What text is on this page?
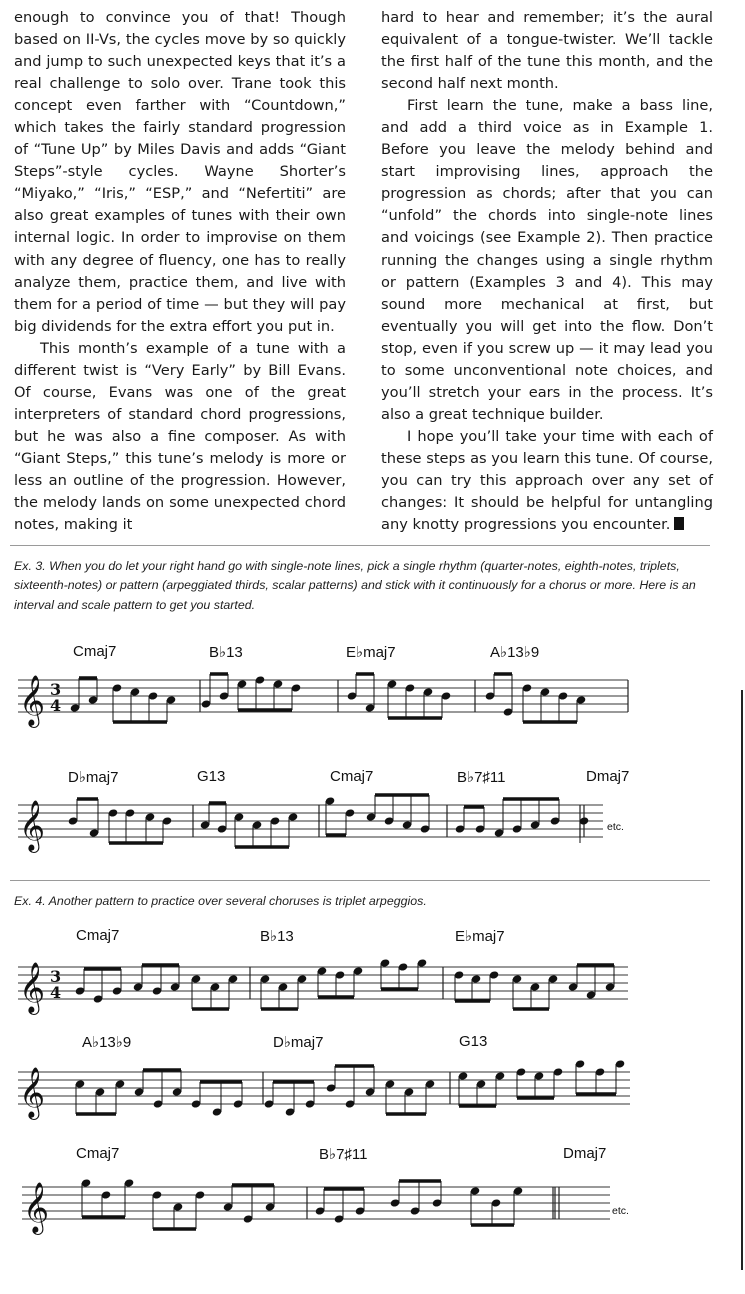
enough to convince you of that! Though based on II-Vs, the cycles move by so quickly and jump to such unexpected keys that it’s a real challenge to solo over. Trane took this concept even farther with “Countdown,” which takes the fairly standard progression of “Tune Up” by Miles Davis and adds “Giant Steps”-style cycles. Wayne Shorter’s “Miyako,” “Iris,” “ESP,” and “Nefertiti” are also great examples of tunes with their own internal logic. In order to improvise on them with any degree of fluency, one has to really analyze them, practice them, and live with them for a period of time — but they will pay big dividends for the extra effort you put in.

This month’s example of a tune with a different twist is “Very Early” by Bill Evans. Of course, Evans was one of the great interpreters of standard chord progressions, but he was also a fine composer. As with “Giant Steps,” this tune’s melody is more or less an outline of the progression. However, the melody lands on some unexpected chord notes, making it

hard to hear and remember; it’s the aural equivalent of a tongue-twister. We’ll tackle the first half of the tune this month, and the second half next month.

First learn the tune, make a bass line, and add a third voice as in Example 1. Before you leave the melody behind and start improvising lines, approach the progression as chords; after that you can “unfold” the chords into single-note lines and voicings (see Example 2). Then practice running the changes using a single rhythm or pattern (Examples 3 and 4). This may sound more mechanical at first, but eventually you will get into the flow. Don’t stop, even if you screw up — it may lead you to some unconventional note choices, and you’ll stretch your ears in the process. It’s also a great technique builder.

I hope you’ll take your time with each of these steps as you learn this tune. Of course, you can try this approach over any set of changes: It should be helpful for untangling any knotty progressions you encounter.

Ex. 3. When you do let your right hand go with single-note lines, pick a single rhythm (quarter-notes, eighth-notes, triplets, sixteenth-notes) or pattern (arpeggiated thirds, scalar patterns) and stick with it continuously for a chorus or more. Here is an interval and scale pattern to get you started.
Ex. 4. Another pattern to practice over several choruses is triplet arpeggios.
Cmaj7	B♭13	E♭maj7	A♭13♭9
𝄞 3
4
D♭maj7	G13	Cmaj7	B♭7♯11	Dmaj7
𝄞	etc.
Cmaj7	B♭13	E♭maj7
𝄞 3
4
A♭13♭9	D♭maj7	G13
𝄞
Cmaj7	B♭7♯11	Dmaj7
𝄞	etc.
